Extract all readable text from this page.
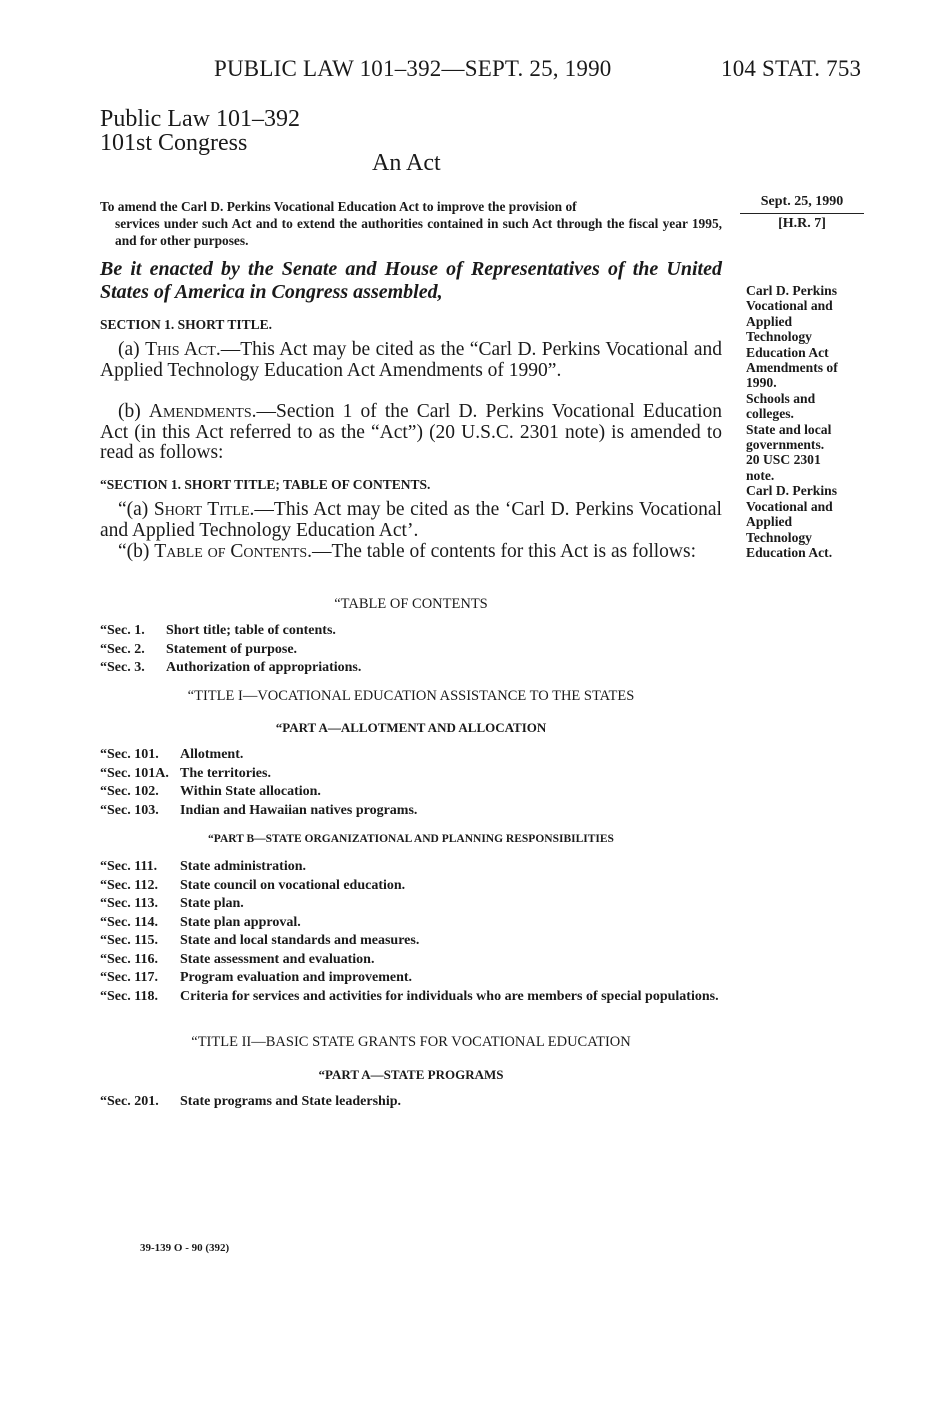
PUBLIC LAW 101–392—SEPT. 25, 1990	104 STAT. 753
Public Law 101–392
101st Congress
An Act
To amend the Carl D. Perkins Vocational Education Act to improve the provision of
services under such Act and to extend the authorities contained in such Act through the fiscal year 1995, and for other purposes.
Sept. 25, 1990
[H.R. 7]
Be it enacted by the Senate and House of Representatives of the United States of America in Congress assembled,
SECTION 1. SHORT TITLE.
(a) This Act.—This Act may be cited as the “Carl D. Perkins Vocational and Applied Technology Education Act Amendments of 1990”.
(b) Amendments.—Section 1 of the Carl D. Perkins Vocational Education Act (in this Act referred to as the “Act”) (20 U.S.C. 2301 note) is amended to read as follows:
“SECTION 1. SHORT TITLE; TABLE OF CONTENTS.
“(a) Short Title.—This Act may be cited as the ‘Carl D. Perkins Vocational and Applied Technology Education Act’.
“(b) Table of Contents.—The table of contents for this Act is as follows:
Carl D. Perkins
Vocational and
Applied
Technology
Education Act
Amendments of
1990.
Schools and
colleges.
State and local
governments.
20 USC 2301
note.
Carl D. Perkins
Vocational and
Applied
Technology
Education Act.
“TABLE OF CONTENTS
“Sec. 1.	Short title; table of contents.
“Sec. 2.	Statement of purpose.
“Sec. 3.	Authorization of appropriations.
“TITLE I—VOCATIONAL EDUCATION ASSISTANCE TO THE STATES
“PART A—ALLOTMENT AND ALLOCATION
“Sec. 101.	Allotment.
“Sec. 101A. The territories.
“Sec. 102.	Within State allocation.
“Sec. 103.	Indian and Hawaiian natives programs.
“PART B—STATE ORGANIZATIONAL AND PLANNING RESPONSIBILITIES
“Sec. 111.	State administration.
“Sec. 112.	State council on vocational education.
“Sec. 113.	State plan.
“Sec. 114.	State plan approval.
“Sec. 115.	State and local standards and measures.
“Sec. 116.	State assessment and evaluation.
“Sec. 117.	Program evaluation and improvement.
“Sec. 118.	Criteria for services and activities for individuals who are members of special populations.
“TITLE II—BASIC STATE GRANTS FOR VOCATIONAL EDUCATION
“PART A—STATE PROGRAMS
“Sec. 201.	State programs and State leadership.
39-139 O - 90 (392)
